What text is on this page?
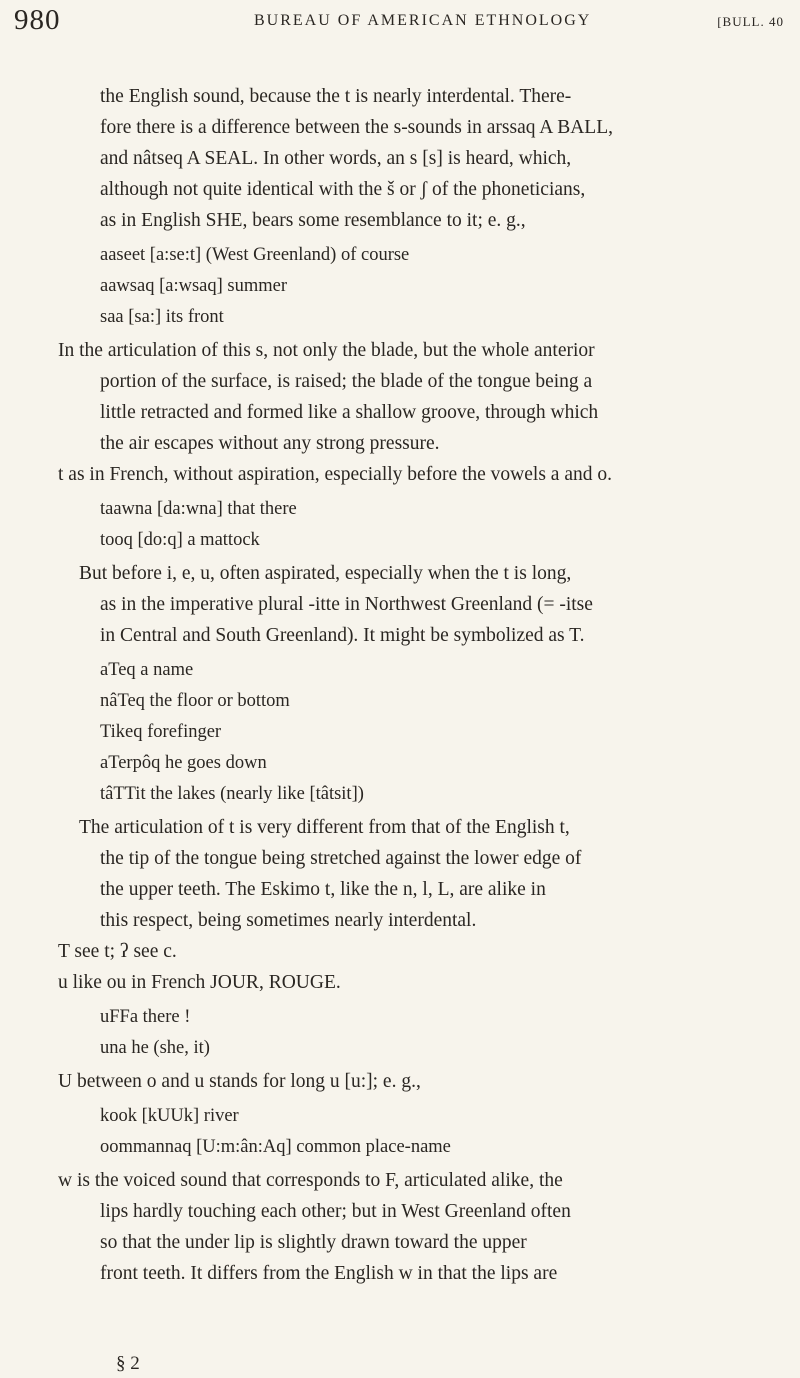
980	BUREAU OF AMERICAN ETHNOLOGY	[BULL. 40
the English sound, because the t is nearly interdental. There-
fore there is a difference between the s-sounds in arssaq A BALL,
and nâtseq A SEAL. In other words, an s [s] is heard, which,
although not quite identical with the š or ʃ of the phoneticians,
as in English SHE, bears some resemblance to it; e. g.,
aaseet [a:se:t] (West Greenland) of course
aawsaq [a:wsaq] summer
saa [sa:] its front
In the articulation of this s, not only the blade, but the whole anterior
portion of the surface, is raised; the blade of the tongue being a
little retracted and formed like a shallow groove, through which
the air escapes without any strong pressure.
t as in French, without aspiration, especially before the vowels a and o.
taawna [da:wna] that there
tooq [do:q] a mattock
But before i, e, u, often aspirated, especially when the t is long,
as in the imperative plural -itte in Northwest Greenland (= -itse
in Central and South Greenland). It might be symbolized as T.
aTeq a name
nâTeq the floor or bottom
Tikeq forefinger
aTerpôq he goes down
tâTTit the lakes (nearly like [tâtsit])
The articulation of t is very different from that of the English t,
the tip of the tongue being stretched against the lower edge of
the upper teeth. The Eskimo t, like the n, l, L, are alike in
this respect, being sometimes nearly interdental.
T see t; ʔ see c.
u like ou in French JOUR, ROUGE.
uFFa there !
una he (she, it)
U between o and u stands for long u [u:]; e. g.,
kook [kUUk] river
oommannaq [U:m:ân:Aq] common place-name
w is the voiced sound that corresponds to F, articulated alike, the
lips hardly touching each other; but in West Greenland often
so that the under lip is slightly drawn toward the upper
front teeth. It differs from the English w in that the lips are
§ 2
